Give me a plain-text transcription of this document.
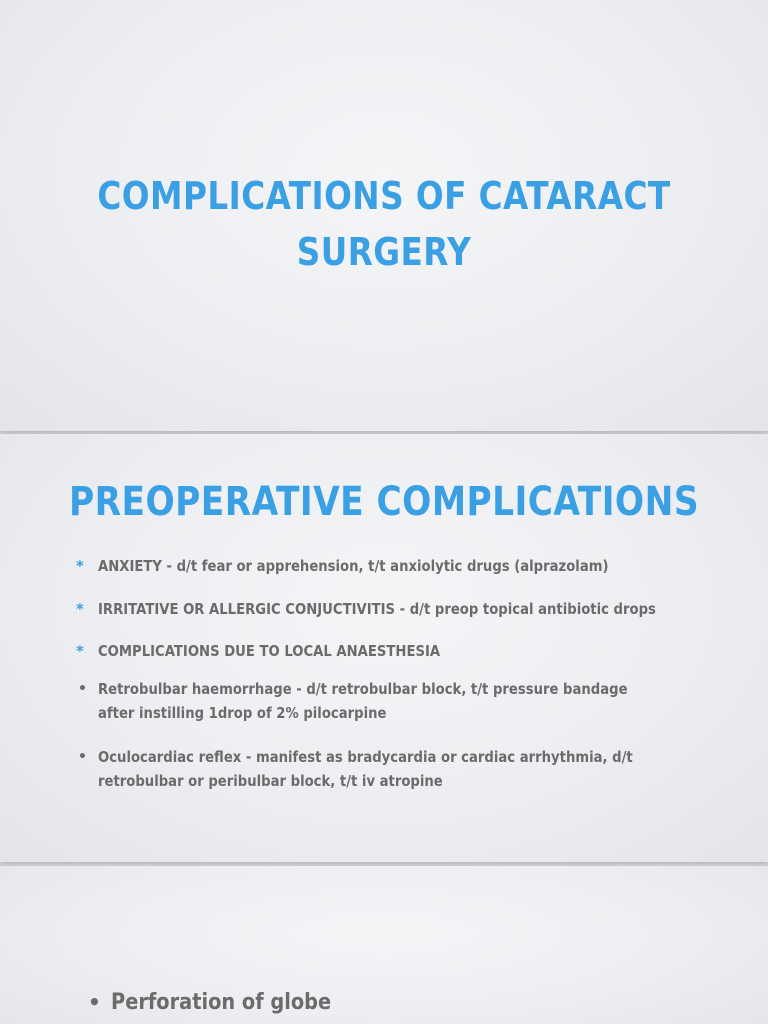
COMPLICATIONS OF CATARACT
SURGERY
PREOPERATIVE COMPLICATIONS
* ANXIETY - d/t fear or apprehension, t/t anxiolytic drugs (alprazolam)
* IRRITATIVE OR ALLERGIC CONJUCTIVITIS - d/t preop topical antibiotic drops
* COMPLICATIONS DUE TO LOCAL ANAESTHESIA
• Retrobulbar haemorrhage - d/t retrobulbar block, t/t pressure bandage
after instilling 1drop of 2% pilocarpine
• Oculocardiac reflex - manifest as bradycardia or cardiac arrhythmia, d/t
retrobulbar or peribulbar block, t/t iv atropine
• Perforation of globe
